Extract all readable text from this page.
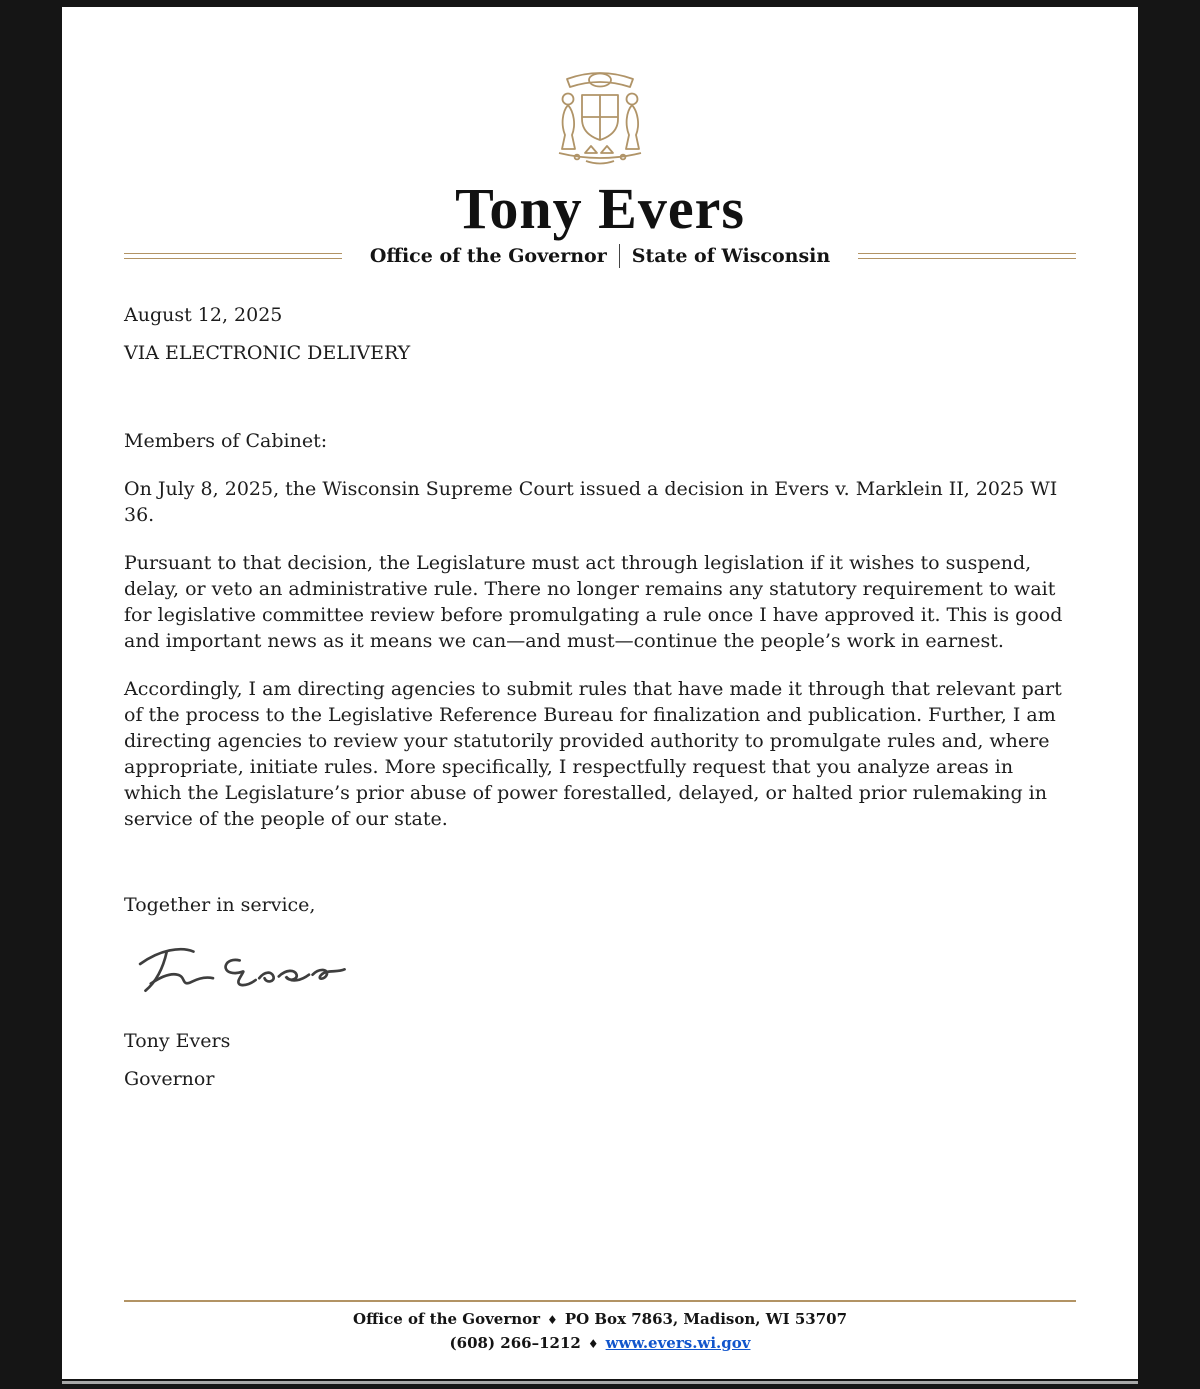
Tony Evers
Office of the Governor State of Wisconsin

August 12, 2025

VIA ELECTRONIC DELIVERY

Members of Cabinet:

On July 8, 2025, the Wisconsin Supreme Court issued a decision in Evers v. Marklein II, 2025 WI 36.

Pursuant to that decision, the Legislature must act through legislation if it wishes to suspend, delay, or veto an administrative rule. There no longer remains any statutory requirement to wait for legislative committee review before promulgating a rule once I have approved it. This is good and important news as it means we can—and must—continue the people’s work in earnest.

Accordingly, I am directing agencies to submit rules that have made it through that relevant part of the process to the Legislative Reference Bureau for finalization and publication. Further, I am directing agencies to review your statutorily provided authority to promulgate rules and, where appropriate, initiate rules. More specifically, I respectfully request that you analyze areas in which the Legislature’s prior abuse of power forestalled, delayed, or halted prior rulemaking in service of the people of our state.

Together in service,

Tony Evers

Governor

Office of the Governor ♦ PO Box 7863, Madison, WI 53707

(608) 266–1212 ♦ www.evers.wi.gov
